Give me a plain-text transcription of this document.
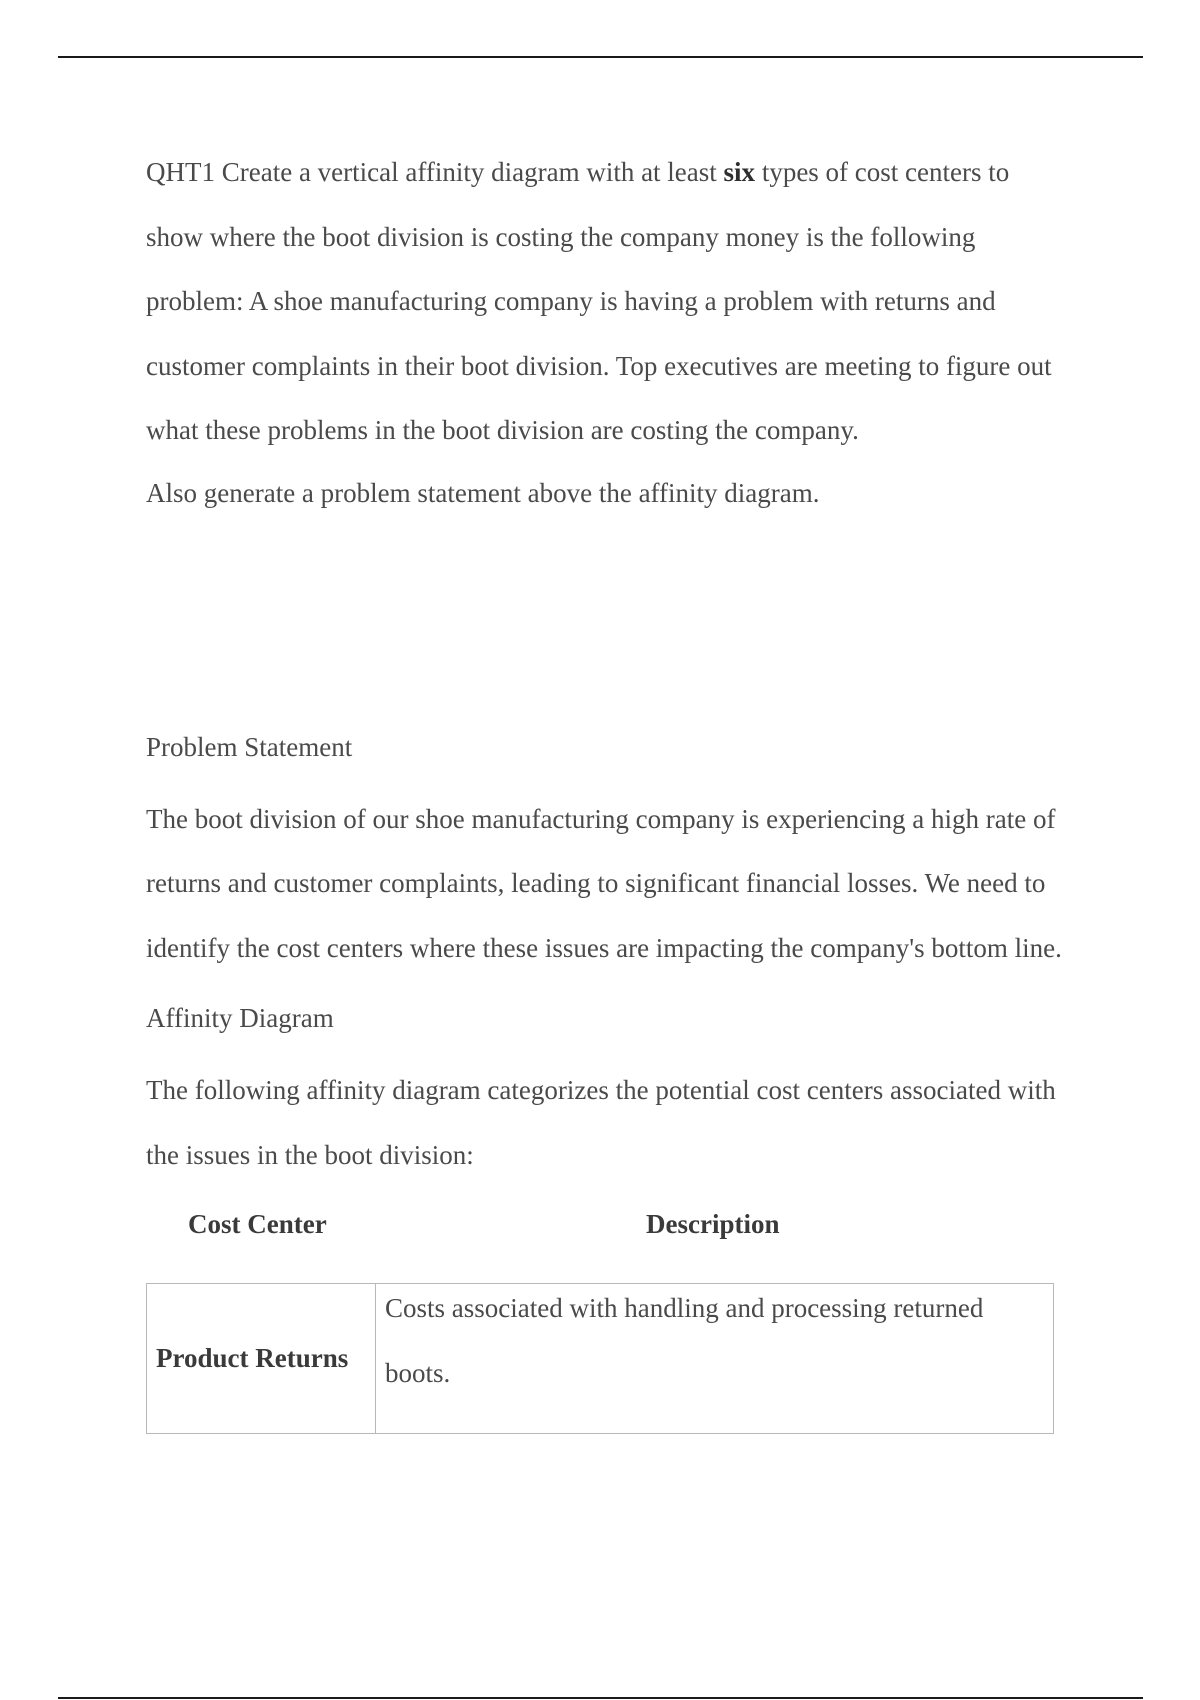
QHT1 Create a vertical affinity diagram with at least six types of cost centers to show where the boot division is costing the company money is the following problem: A shoe manufacturing company is having a problem with returns and customer complaints in their boot division. Top executives are meeting to figure out what these problems in the boot division are costing the company.

Also generate a problem statement above the affinity diagram.

Problem Statement

The boot division of our shoe manufacturing company is experiencing a high rate of returns and customer complaints, leading to significant financial losses. We need to identify the cost centers where these issues are impacting the company's bottom line.

Affinity Diagram

The following affinity diagram categorizes the potential cost centers associated with the issues in the boot division:

Cost Center	Description
Product Returns
Costs associated with handling and processing returned boots.
